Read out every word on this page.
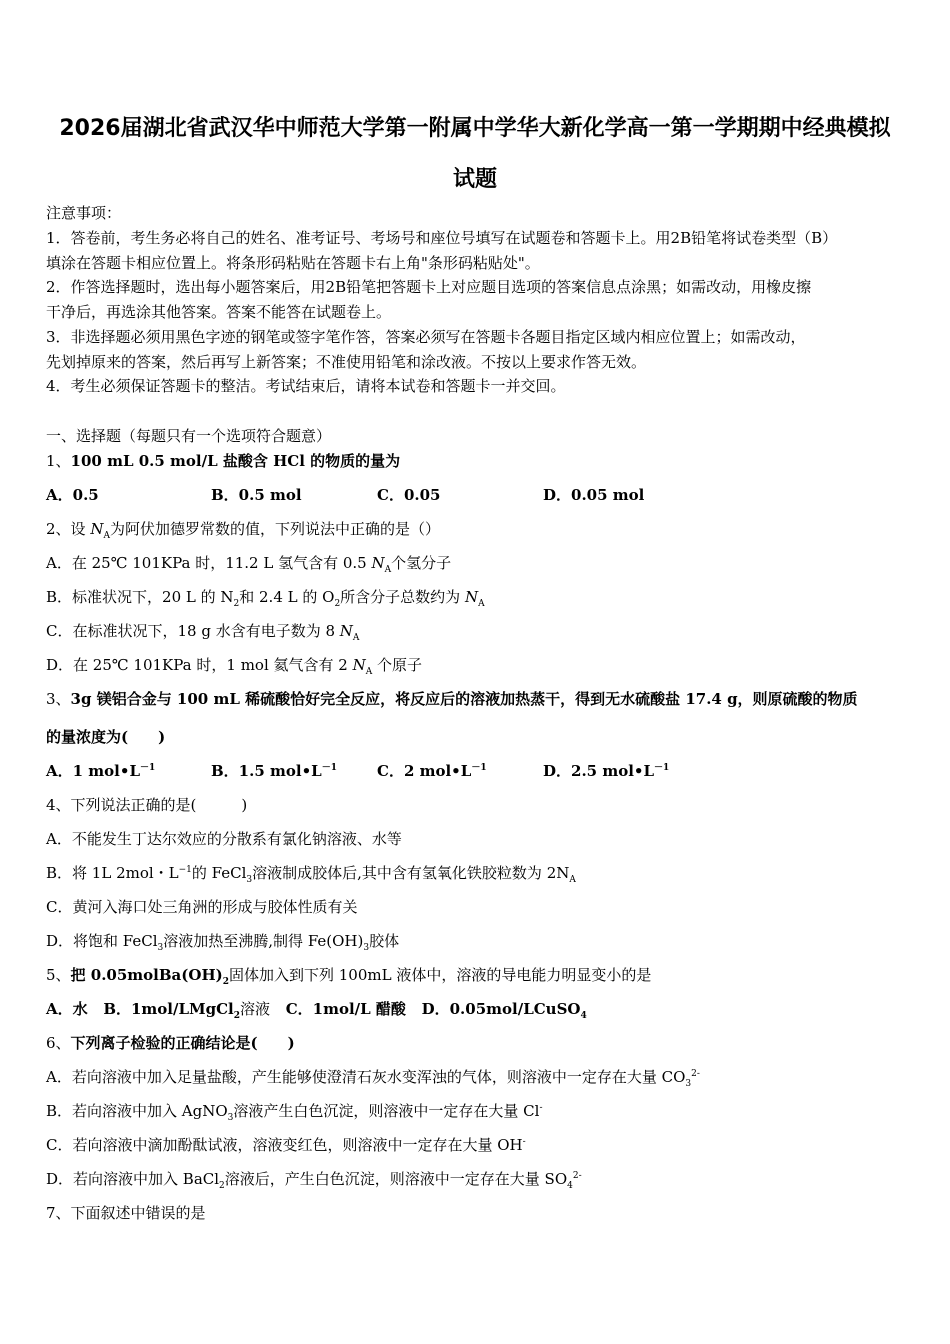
2026届湖北省武汉华中师范大学第一附属中学华大新化学高一第一学期期中经典模拟
试题
注意事项：
1．答卷前，考生务必将自己的姓名、准考证号、考场号和座位号填写在试题卷和答题卡上。用2B铅笔将试卷类型（B）
填涂在答题卡相应位置上。将条形码粘贴在答题卡右上角"条形码粘贴处"。
2．作答选择题时，选出每小题答案后，用2B铅笔把答题卡上对应题目选项的答案信息点涂黑；如需改动，用橡皮擦
干净后，再选涂其他答案。答案不能答在试题卷上。
3．非选择题必须用黑色字迹的钢笔或签字笔作答，答案必须写在答题卡各题目指定区域内相应位置上；如需改动，
先划掉原来的答案，然后再写上新答案；不准使用铅笔和涂改液。不按以上要求作答无效。
4．考生必须保证答题卡的整洁。考试结束后，请将本试卷和答题卡一并交回。
一、选择题（每题只有一个选项符合题意）
1、100 mL 0.5 mol/L 盐酸含 HCl 的物质的量为
A．0.5	B．0.5 mol	C．0.05	D．0.05 mol
2、设 $N_A$为阿伏加德罗常数的值，下列说法中正确的是（）
A．在 25℃ 101KPa 时，11.2 L 氢气含有 0.5 $N_A$个氢分子
B．标准状况下，20 L 的 $N_2$和 2.4 L 的 $O_2$所含分子总数约为 $N_A$
C．在标准状况下，18 g 水含有电子数为 8 $N_A$
D．在 25℃ 101KPa 时，1 mol 氦气含有 2 $N_A$ 个原子
3、3g 镁铝合金与 100 mL 稀硫酸恰好完全反应，将反应后的溶液加热蒸干，得到无水硫酸盐 17.4 g，则原硫酸的物质
的量浓度为(　　)
A．1 $mol•L^{-1}$	B．1.5 $mol•L^{-1}$	C．2 $mol•L^{-1}$	D．2.5 $mol•L^{-1}$
4、下列说法正确的是(　　　)
A．不能发生丁达尔效应的分散系有氯化钠溶液、水等
B．将 1L 2mol・$L^{-1}$的 FeCl$_3$溶液制成胶体后,其中含有氢氧化铁胶粒数为 $2N_A$
C．黄河入海口处三角洲的形成与胶体性质有关
D．将饱和 FeCl$_3$溶液加热至沸腾,制得 $Fe(OH)_3$胶体
5、把 $0.05molBa(OH)_2$固体加入到下列 100mL 液体中，溶液的导电能力明显变小的是
A．水 B．1mol/LMgCl$_2$溶液 C．1mol/L 醋酸 D．0.05mol/LCuSO$_4$
6、下列离子检验的正确结论是(　　)
A．若向溶液中加入足量盐酸，产生能够使澄清石灰水变浑浊的气体，则溶液中一定存在大量 $CO_3^{2-}$
B．若向溶液中加入 AgNO$_3$溶液产生白色沉淀，则溶液中一定存在大量 Cl-
C．若向溶液中滴加酚酞试液，溶液变红色，则溶液中一定存在大量 OH-
D．若向溶液中加入 BaCl$_2$溶液后，产生白色沉淀，则溶液中一定存在大量 $SO_4^{2-}$
7、下面叙述中错误的是
